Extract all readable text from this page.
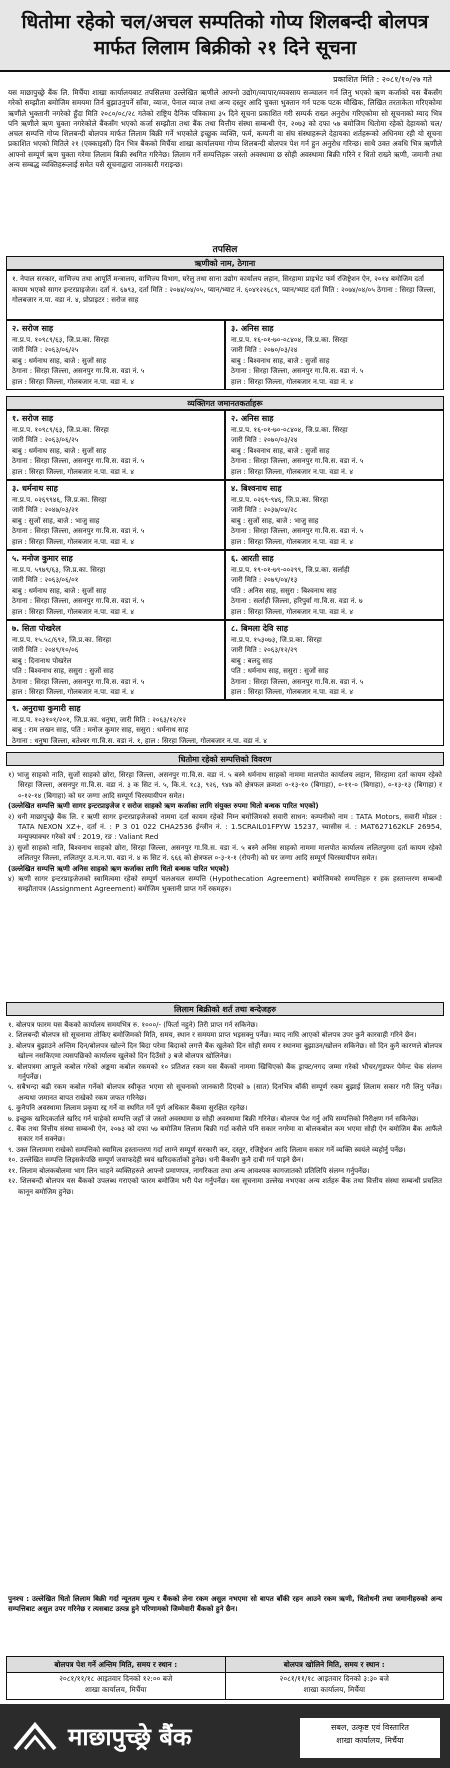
धितोमा रहेको चल/अचल सम्पतिको गोप्य शिलबन्दी बोलपत्र
मार्फत लिलाम बिक्रीको २१ दिने सूचना
प्रकाशित मिति : २०८१/१०/२७ गते
यस माछापुच्छ्रे बैंक लि. मिर्चैया शाखा कार्यालयबाट तपसिलमा उल्लेखित ऋणीले आफ्नो उद्योग/व्यापार/व्यवसाय सञ्चालन गर्न लिनु भएको ऋण कर्जाको यस बैंकसँग गरेको सम्झौता बमोजिम समयमा तिर्न बुझाउनुपर्ने साँवा, व्याज, पेनाल व्याज तथा अन्य दस्तुर आदि चुक्ता भुक्तान गर्न पटक पटक मौखिक, लिखित तरताकेता गरिएकोमा ऋणीले भुक्तानी नगरेको हुँदा मिति २०८०/०८/२८ गतेको राष्ट्रिय दैनिक पत्रिकामा ३५ दिने सूचना प्रकाशित गरी सम्पर्क राख्न अनुरोध गरिएकोमा सो सूचनाको म्याद भित्र पनि ऋणीले ऋण चुक्ता नगरेकोले बैंकसँग भएको कर्जा सम्झौता तथा बैंक तथा वित्तीय संस्था सम्बन्धी ऐन, २०७३ को दफा ५७ बमोजिम धितोमा रहेको देहायको चल/अचल सम्पत्ति गोप्य शिलबन्दी बोलपत्र मार्फत लिलाम बिक्री गर्ने भएकोले इच्छुक व्यक्ति, फर्म, कम्पनी वा संघ संस्थाहरूले देहायका शर्तहरूको अधिनमा रही यो सूचना प्रकाशित भएको मितिले २१ (एक्काइसौं) दिन भित्र बैंकको मिर्चैया शाखा कार्यालयमा गोप्य शिलबन्दी बोलपत्र पेश गर्न हुन अनुरोध गरिन्छ। साथै उक्त अवधि भित्र ऋणीले आफ्नो सम्पूर्ण ऋण चुक्ता गरेमा लिलाम बिक्री स्थगित गरिनेछ। लिलाम गर्ने सम्पत्तिहरू जस्तो अवस्थामा छ सोही अवस्थामा बिक्री गरिने र धितो राख्ने ऋणी, जमानी तथा अन्य सम्बद्ध व्यक्तिहरूलाई समेत यसै सूचनाद्वारा जानकारी गराइन्छ।
तपसिल
ऋणीको नाम, ठेगाना
१. नेपाल सरकार, वाणिज्य तथा आपूर्ति मन्त्रालय, वाणिज्य विभाग, घरेलु तथा साना उद्योग कार्यालय लहान, सिरहामा प्राइभेट फर्म रजिष्ट्रेशन ऐन, २०१४ बमोजिम दर्ता कायम भएको सागर इन्टरप्राइजेज। दर्ता नं. ६७९३, दर्ता मिति : २०७४/०४/०५, प्यान/भ्याट नं. ६०४१२२६८९, प्यान/भ्याट दर्ता मिति : २०७४/०४/०५ ठेगाना : सिरहा जिल्ला, गोलबजार न.पा. वडा नं. ४, प्रोप्राइटर : सरोज साह
२. सरोज साह
ना.प्र.प. १०९८९/६३, जि.प्र.का. सिरहा
जारी मिति : २०६३/०६/२५
बाबु : धर्मनाथ साह, बाजे : सुजों साह
ठेगाना : सिरहा जिल्ला, असनपुर गा.वि.स. वडा नं. ५
हाल : सिरहा जिल्ला, गोलबजार न.पा. वडा नं. ४
३. अनिस साह
ना.प्र.प. १६-०१-७०-०८४०४, जि.प्र.का. सिरहा
जारी मिति : २०७०/०३/२४
बाबु : बिश्वनाथ साह, बाजे : सुजों साह
ठेगाना : सिरहा जिल्ला, असनपुर गा.वि.स. वडा नं. ५
हाल : सिरहा जिल्ला, गोलबजार न.पा. वडा नं. ४
व्यक्तिगत जमानतकर्ताहरू
१. सरोज साह
ना.प्र.प. १०९८९/६३, जि.प्र.का. सिरहा
जारी मिति : २०६३/०६/२५
बाबु : धर्मनाथ साह, बाजे : सुजों साह
ठेगाना : सिरहा जिल्ला, असनपुर गा.वि.स. वडा नं. ५
हाल : सिरहा जिल्ला, गोलबजार न.पा. वडा नं. ४
२. अनिस साह
ना.प्र.प. १६-०१-७०-०८४०४, जि.प्र.का. सिरहा
जारी मिति : २०७०/०३/२४
बाबु : बिश्वनाथ साह, बाजे : सुजों साह
ठेगाना : सिरहा जिल्ला, असनपुर गा.वि.स. वडा नं. ५
हाल : सिरहा जिल्ला, गोलबजार न.पा. वडा नं. ४
३. धर्मनाथ साह
ना.प्र.प. ०२६९९४६, जि.प्र.का. सिरहा
जारी मिति : २०४७/०३/२१
बाबु : सुजों साह, बाजे : भाजु साह
ठेगाना : सिरहा जिल्ला, असनपुर गा.वि.स. वडा नं. ५
हाल : सिरहा जिल्ला, गोलबजार न.पा. वडा नं. ४
४. बिश्वनाथ साह
ना.प्र.प. ०२६९-९४६, जि.प्र.का. सिरहा
जारी मिति : २०३७/०४/२८
बाबु : सुजों साह, बाजे : भाजु साह
ठेगाना : सिरहा जिल्ला, असनपुर गा.वि.स. वडा नं. ५
हाल : सिरहा जिल्ला, गोलबजार न.पा. वडा नं. ४
५. मनोज कुमार साह
ना.प्र.प. ५९७९/६३, जि.प्र.का. सिरहा
जारी मिति : २०६३/०६/०१
बाबु : धर्मनाथ साह, बाजे : सुजों साह
ठेगाना : सिरहा जिल्ला, असनपुर गा.वि.स. वडा नं. ५
हाल : सिरहा जिल्ला, गोलबजार न.पा. वडा नं. ४
६. आरती साह
ना.प्र.प. १९-०१-७९-००२९९, जि.प्र.का. सर्लाही
जारी मिति : २०७९/०४/१३
पति : अनिस साह, ससुरा : बिश्वनाथ साह
ठेगाना : सर्लाही जिल्ला, हरिपुर्वा गा.वि.स. वडा नं. ७
हाल : सिरहा जिल्ला, गोलबजार न.पा. वडा नं. ४
७. सिता पोखरेल
ना.प्र.प. १५.५८/६९२, जि.प्र.का. सिरहा
जारी मिति : २०४९/१०/०६
बाबु : दिनानाथ पोखरेल
पति : बिश्वनाथ साह, ससुरा : सुजों साह
ठेगाना : सिरहा जिल्ला, असनपुर गा.वि.स. वडा नं. ५
हाल : सिरहा जिल्ला, गोलबजार न.पा. वडा नं. ४
८. बिमला देवि साह
ना.प्र.प. १५३०७३, जि.प्र.का. सिरहा
जारी मिति : २०६३/१२/२९
बाबु : बलदु साह
पति : धर्मनाथ साह, ससुरा : सुजों साह
ठेगाना : सिरहा जिल्ला, असनपुर गा.वि.स. वडा नं. ५
हाल : सिरहा जिल्ला, गोलबजार न.पा. वडा नं. ४
९. अनुराधा कुमारी साह
ना.प्र.प. १०३१०१/२०१, जि.प्र.का. धनुषा, जारी मिति : २०६३/१२/१२
बाबु : राम लखन साह, पति : मनोज कुमार साह, ससुरा : धर्मनाथ साह
ठेगाना : धनुषा जिल्ला, बतेश्वर गा.वि.स. वडा नं. १, हाल : सिरहा जिल्ला, गोलबजार न.पा. वडा नं. ४
धितोमा रहेको सम्पत्तिको विवरण
१) भाजु साहको नाति, सुजों साहको छोरा, सिरहा जिल्ला, असनपुर गा.वि.स. वडा नं. ५ बस्ने धर्मनाथ साहको नाममा मालपोत कार्यालय लहान, सिरहामा दर्ता कायम रहेको सिरहा जिल्ला, असनपुर गा.वि.स. वडा नं. ३ क सिट नं. ५, कि.नं. १८३, ९२६, ९४७ को क्षेत्रफल क्रमशः ०-१३-१० (बिगाहा), ०-११-० (बिगाहा), ०-१३-१३ (बिगाहा) र ०-१२-१४ (बिगाहा) को घर जग्गा आदि सम्पूर्ण चिरस्यायीपन समेत।
(उल्लेखित सम्पत्ति ऋणी सागर इन्टरप्राइजेज र सरोज साहको ऋण कर्जाका लागि संयुक्त रुपमा धितो बन्धक पारित भएको)
२) धनी माछापुच्छ्रे बैंक लि. र ऋणी सागर इन्टरप्राइजेजको नाममा दर्ता कायम रहेको निम्न बमोजिमको सवारी साधन: कम्पनीको नाम : TATA Motors, सवारी मोडल : TATA NEXON XZ+, दर्ता नं. : P 3 01 022 CHA2536 ईन्जीन नं. : 1.5CRAIL01FPYW 15237, च्यासीस नं. : MAT627162KLF 26954, मन्युफ्याक्चर गरेको वर्ष : 2019, रङ : Valiant Red
३) सुजों साहको नाति, बिश्वनाथ साहको छोरा, सिरहा जिल्ला, असनपुर गा.वि.स. वडा नं. ५ बस्ने अनिस साहको नाममा मालपोत कार्यालय ललितपुरमा दर्ता कायम रहेको ललितपुर जिल्ला, ललितपुर उ.म.न.पा. वडा नं. ४ क सिट नं. ६६६ को क्षेत्रफल ०-३-१-१ (रोपनी) को घर जग्गा आदि सम्पूर्ण चिरस्यायीपन समेत।
(उल्लेखित सम्पत्ति ऋणी अनिस साहको ऋण कर्जाका लागि धितो बन्धक पारित भएको)
४) ऋणी सागर इन्टरप्राइजेजको स्वामित्वमा रहेको सम्पूर्ण चलअचल सम्पत्ति (Hypothecation Agreement) बमोजिमको सम्पत्तिहरु र हक हस्तान्तरण सम्बन्धी सम्झौतापत्र (Assignment Agreement) बमोजिम भुक्तानी प्राप्त गर्ने रकमहरु।
लिलाम बिक्रीको शर्त तथा बन्देजहरु
१. बोलपत्र फारम यस बैंकको कार्यालय समयभित्र रु. १०००/- (फिर्ता नहुने) तिरी प्राप्त गर्न सकिनेछ।
२. शिलबन्दी बोलपत्र सो सूचनामा तोकिए बमोजिमको मिति, समय, स्थान र समयमा प्राप्त भइसक्नु पर्नेछ। म्याद नाघि आएको बोलपत्र उपर कुनै कारवाही गरिने छैन।
३. बोलपत्र बुझाउने अन्तिम दिन/बोलपत्र खोल्ने दिन बिदा परेमा बिदाको लगत्तै बैंक खुलेको दिन सोही समय र स्थानमा बुझाउन/खोलन सकिनेछ। सो दिन कुनै कारणले बोलपत्र खोल्न नसकिएमा त्यसपछिको कार्यालय खुलेको दिन दिउँसो ३ बजे बोलपत्र खोलिनेछ।
४. बोलपत्रमा आफूले कबोल गरेको अङ्कमा कबोल रकमको १० प्रतिशत रकम यस बैंकको नाममा खिचिएको बैंक ड्राफ्ट/नगद जम्मा गरेको भौचर/गुडफर पेमेन्ट चेक संलग्न गर्नुपर्नेछ।
५. सबैभन्दा बढी रकम कबोल गर्नेको बोलपत्र स्वीकृत भएमा सो सूचनाको जानकारी दिएको ७ (सात) दिनभित्र बाँकी सम्पूर्ण रकम बुझाई लिलाम सकार गरी लिनु पर्नेछ। अन्यथा जमानत बापत राखेको रकम जफत गरिनेछ।
६. कुनैपनि अवस्थामा लिलाम प्रकृया रद्द गर्ने वा स्थगित गर्ने पूर्ण अधिकार बैंकमा सुरक्षित रहनेछ।
७. इच्छुक खरिदकर्ताले खरिद गर्न चाहेको सम्पत्ति जहाँ जे जस्तो अवस्थामा छ सोही अवस्थामा बिक्री गरिनेछ। बोलपत्र पेश गर्नु अघि सम्पत्तिको निरीक्षण गर्न सकिनेछ।
८. बैंक तथा वित्तीय संस्था सम्बन्धी ऐन, २०७३ को दफा ५७ बमोजिम लिलाम बिक्री गर्दा कसैले पनि सकार नगरेमा वा बोलकबोल कम भएमा सोही ऐन बमोजिम बैंक आफैंले सकार गर्न सक्नेछ।
९. उक्त लिलाममा राखेको सम्पत्तिको स्वामित्व हस्तान्तरण गर्दा लाग्ने सम्पूर्ण सरकारी कर, दस्तुर, रजिष्ट्रेशन आदि लिलाम सकार गर्ने व्यक्ति स्वयंले व्यहोर्नु पर्नेछ।
१०. उल्लेखित सम्पत्ति लिइसकेपछि सम्पूर्ण जवाफदेही स्वयं खरिदकर्ताको हुनेछ। धनी बैंकसँग कुनै दाबी गर्न पाइने छैन।
११. लिलाम बोलकबोलमा भाग लिन चाहने व्यक्तिहरुले आफ्नो प्रमाणपत्र, नागरिकता तथा अन्य आवश्यक कागजातको प्रतिलिपि संलग्न गर्नुपर्नेछ।
१२. शिलबन्दी बोलपत्र यस बैंकको उपलब्ध गराएको फारम बमोजिम भरी पेश गर्नुपर्नेछ। यस सूचनामा उल्लेख नभएका अन्य शर्तहरु बैंक तथा वित्तीय संस्था सम्बन्धी प्रचलित कानून बमोजिम हुनेछ।
पुनश्च : उल्लेखित धितो लिलाम बिक्री गर्दा न्यूनतम मूल्य र बैंकको लेना रकम असुल नभएमा सो बापत बाँकी रहन आउने रकम ऋणी, धितोधनी तथा जमानीहरुको अन्य सम्पत्तिबाट असुल उपर गरिनेछ र त्यसबाट उत्पन्न हुने परिणामको जिम्मेवारी बैंकको हुने छैन।
बोलपत्र पेश गर्ने अन्तिम मिति, समय र स्थान :
२०८१/११/१८ आइतवार दिनको १२:०० बजे
शाखा कार्यालय, मिर्चैया
बोलपत्र खोलिने मिति, समय र स्थान :
२०८१/११/१८ आइतवार दिनको ३:३० बजे
शाखा कार्यालय, मिर्चैया
माछापुच्छ्रे बैंक	सबल, उत्कृष्ट एवं विस्तारित
शाखा कार्यालय, मिर्चैया
